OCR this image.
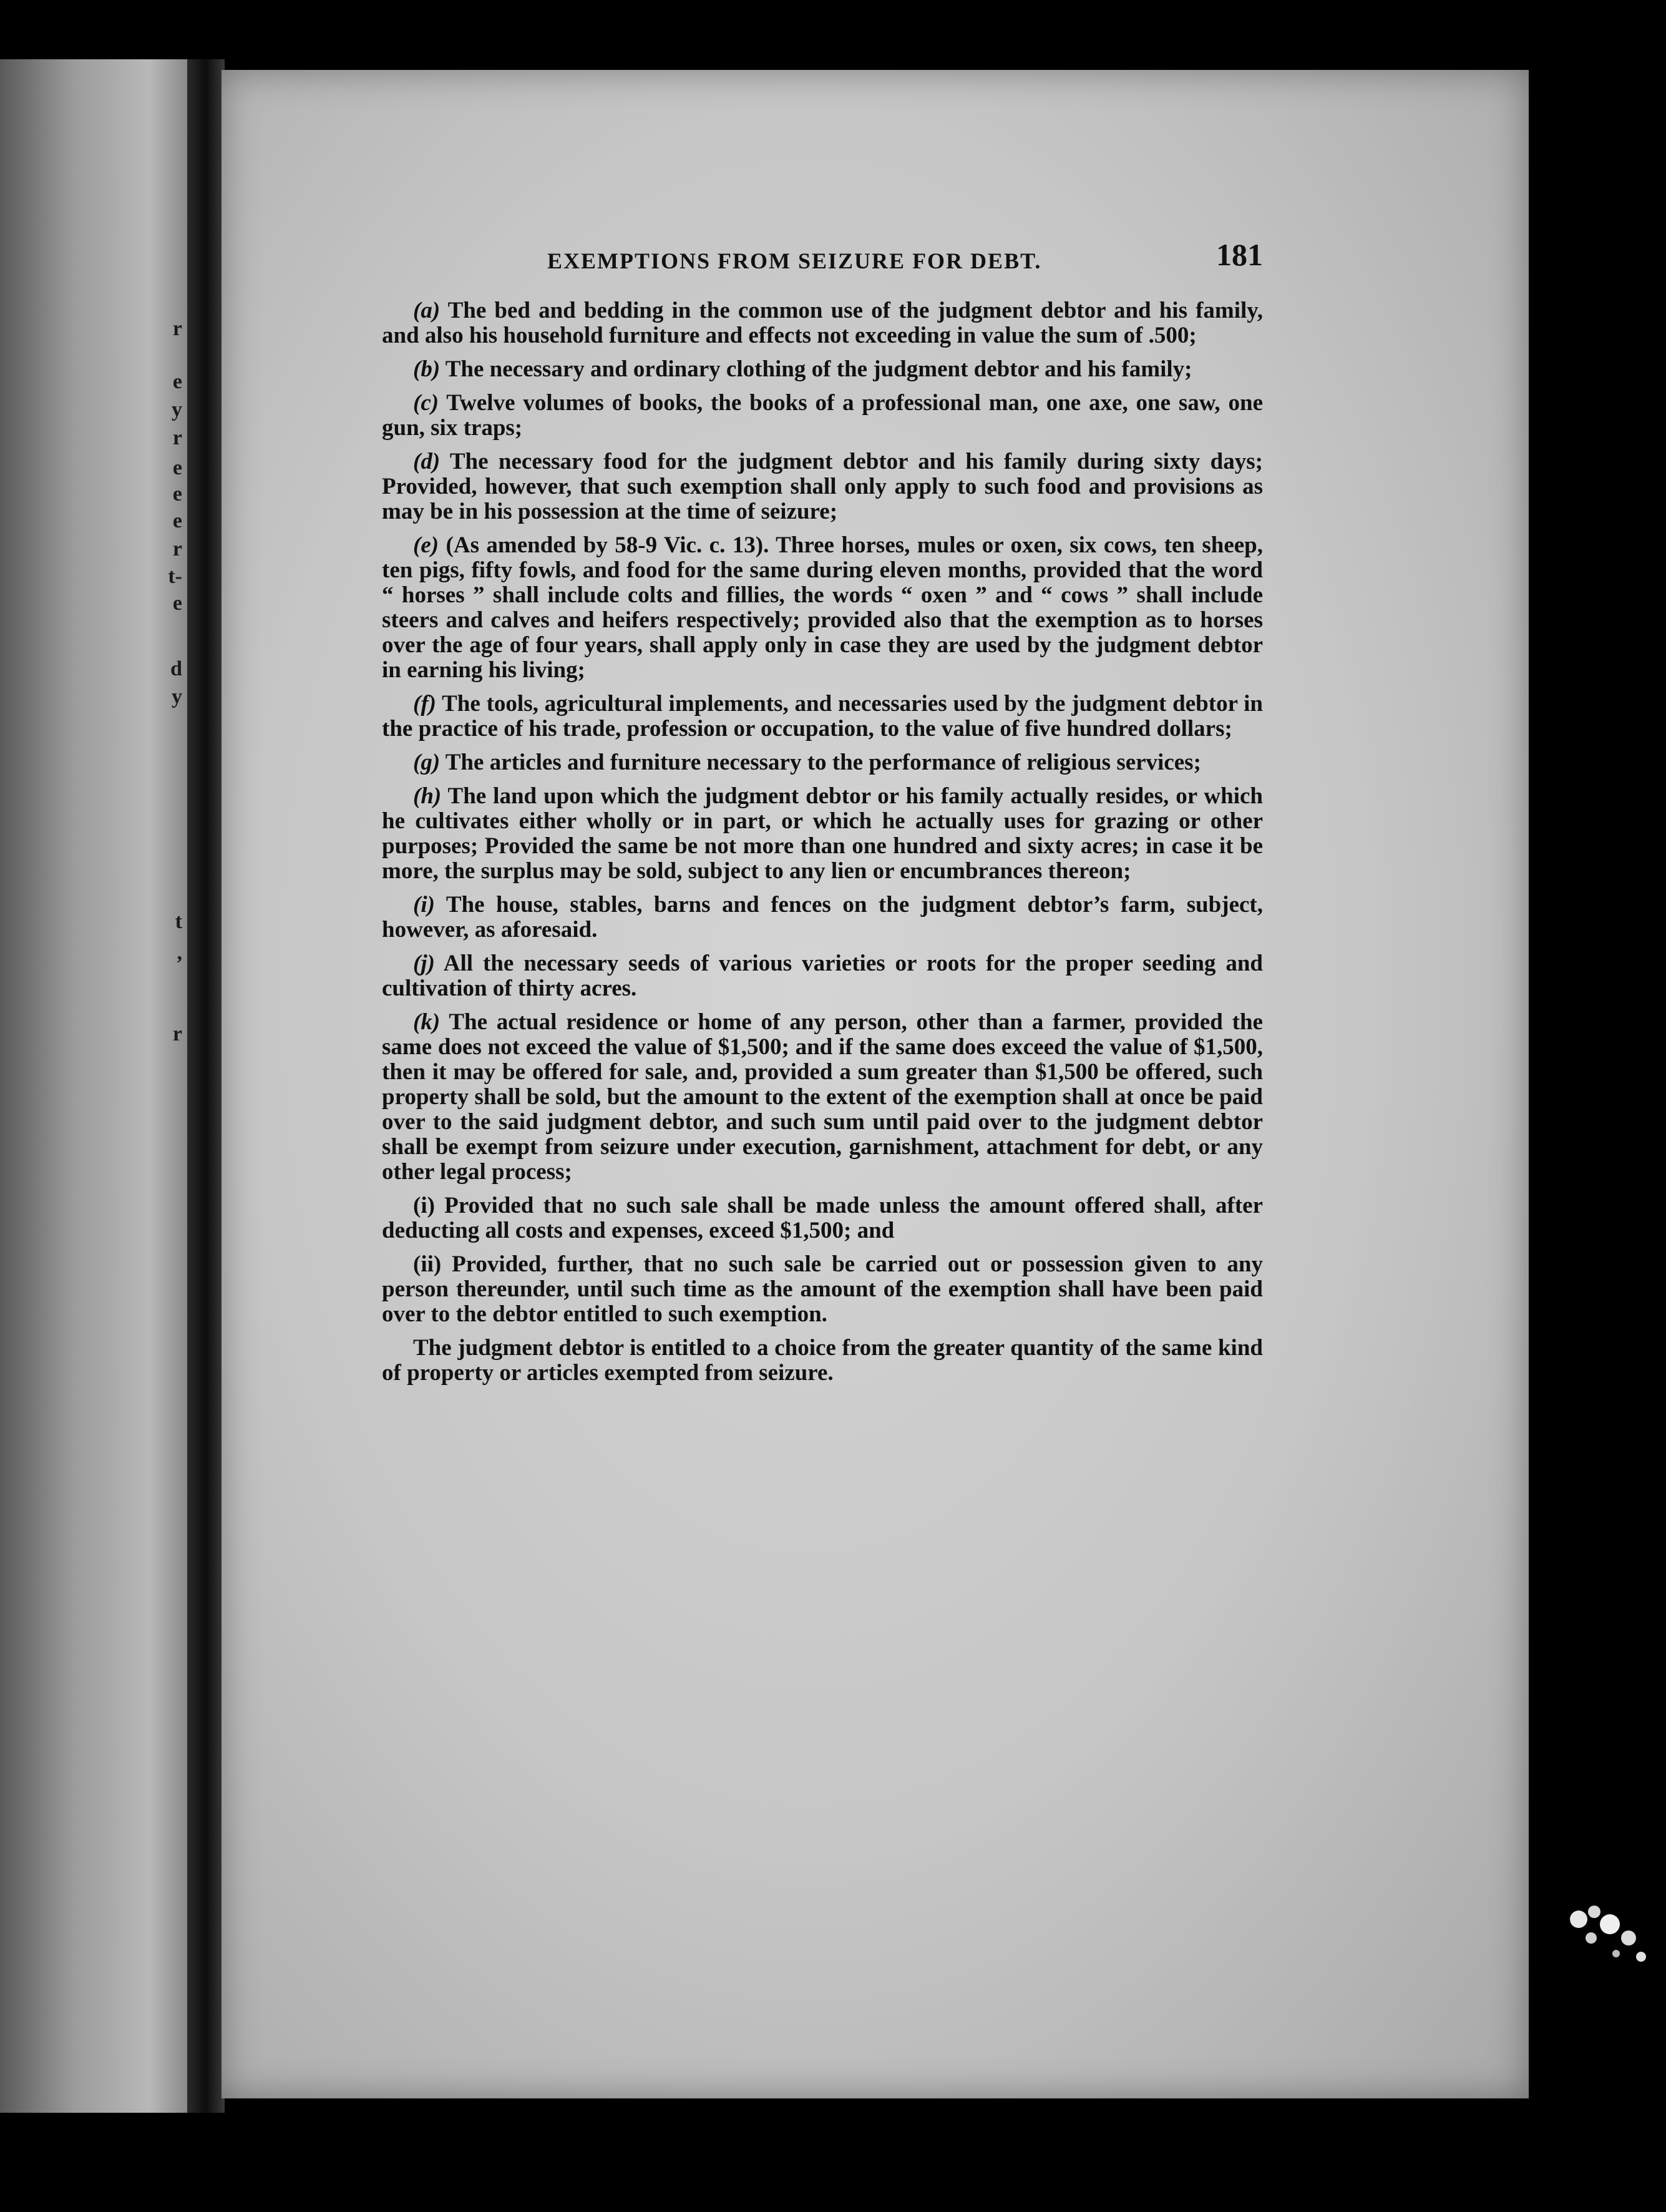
r
e
y
r
e
e
e
r
t-
e
d
y
t
,
r
EXEMPTIONS FROM SEIZURE FOR DEBT.	181

(a) The bed and bedding in the common use of the judgment debtor and his family, and also his household furniture and effects not exceeding in value the sum of .500;

(b) The necessary and ordinary clothing of the judgment debtor and his family;

(c) Twelve volumes of books, the books of a professional man, one axe, one saw, one gun, six traps;

(d) The necessary food for the judgment debtor and his family during sixty days; Provided, however, that such exemption shall only apply to such food and provisions as may be in his possession at the time of seizure;

(e) (As amended by 58-9 Vic. c. 13). Three horses, mules or oxen, six cows, ten sheep, ten pigs, fifty fowls, and food for the same during eleven months, provided that the word “ horses ” shall include colts and fillies, the words “ oxen ” and “ cows ” shall include steers and calves and heifers respectively; provided also that the exemption as to horses over the age of four years, shall apply only in case they are used by the judgment debtor in earning his living;

(f) The tools, agricultural implements, and necessaries used by the judgment debtor in the practice of his trade, profession or occupation, to the value of five hundred dollars;

(g) The articles and furniture necessary to the performance of religious services;

(h) The land upon which the judgment debtor or his family actually resides, or which he cultivates either wholly or in part, or which he actually uses for grazing or other purposes; Provided the same be not more than one hundred and sixty acres; in case it be more, the surplus may be sold, subject to any lien or encumbrances thereon;

(i) The house, stables, barns and fences on the judgment debtor’s farm, subject, however, as aforesaid.

(j) All the necessary seeds of various varieties or roots for the proper seeding and cultivation of thirty acres.

(k) The actual residence or home of any person, other than a farmer, provided the same does not exceed the value of $1,500; and if the same does exceed the value of $1,500, then it may be offered for sale, and, provided a sum greater than $1,500 be offered, such property shall be sold, but the amount to the extent of the exemption shall at once be paid over to the said judgment debtor, and such sum until paid over to the judgment debtor shall be exempt from seizure under execution, garnishment, attachment for debt, or any other legal process;

(i) Provided that no such sale shall be made unless the amount offered shall, after deducting all costs and expenses, exceed $1,500; and

(ii) Provided, further, that no such sale be carried out or possession given to any person thereunder, until such time as the amount of the exemption shall have been paid over to the debtor entitled to such exemption.

The judgment debtor is entitled to a choice from the greater quantity of the same kind of property or articles exempted from seizure.
